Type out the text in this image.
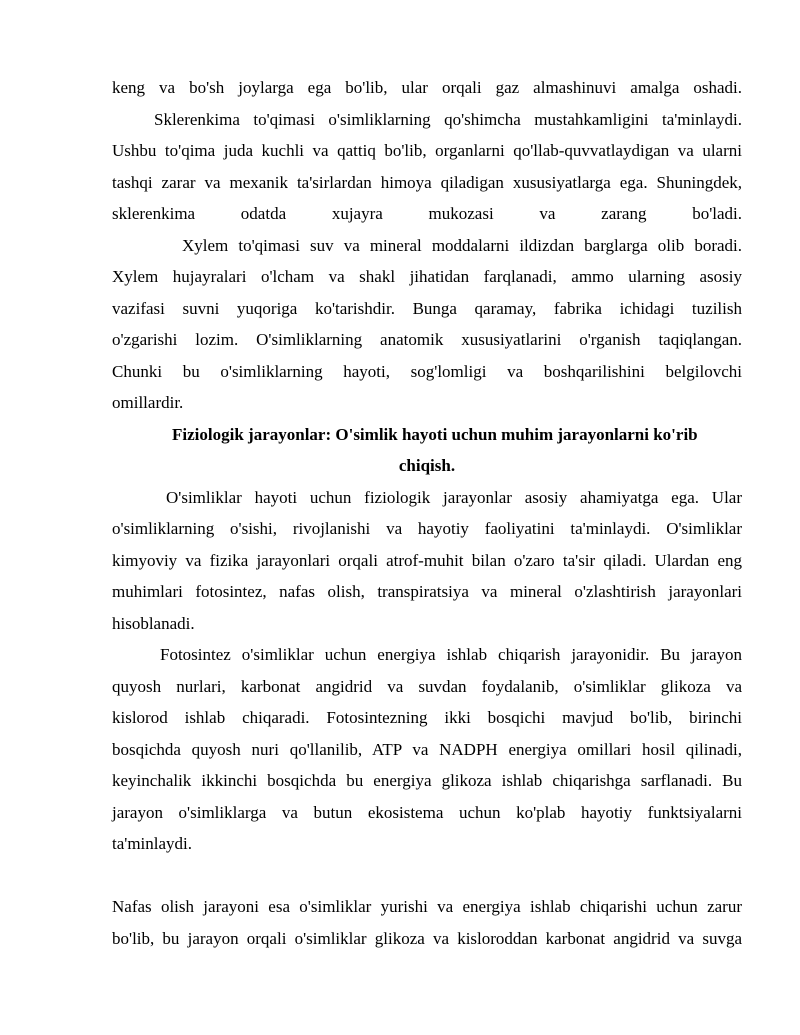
keng va bo'sh joylarga ega bo'lib, ular orqali gaz almashinuvi amalga oshadi.
Sklerenkima to'qimasi o'simliklarning qo'shimcha mustahkamligini ta'minlaydi.
Ushbu to'qima juda kuchli va qattiq bo'lib, organlarni qo'llab-quvvatlaydigan va ularni
tashqi zarar va mexanik ta'sirlardan himoya qiladigan xususiyatlarga ega. Shuningdek,
sklerenkima odatda xujayra mukozasi va zarang bo'ladi.
Xylem to'qimasi suv va mineral moddalarni ildizdan barglarga olib boradi.
Xylem hujayralari o'lcham va shakl jihatidan farqlanadi, ammo ularning asosiy
vazifasi suvni yuqoriga ko'tarishdir. Bunga qaramay, fabrika ichidagi tuzilish
o'zgarishi lozim. O'simliklarning anatomik xususiyatlarini o'rganish taqiqlangan.
Chunki bu o'simliklarning hayoti, sog'lomligi va boshqarilishini belgilovchi
omillardir.
Fiziologik jarayonlar: O'simlik hayoti uchun muhim jarayonlarni ko'rib
chiqish.
O'simliklar hayoti uchun fiziologik jarayonlar asosiy ahamiyatga ega. Ular
o'simliklarning o'sishi, rivojlanishi va hayotiy faoliyatini ta'minlaydi. O'simliklar
kimyoviy va fizika jarayonlari orqali atrof-muhit bilan o'zaro ta'sir qiladi. Ulardan eng
muhimlari fotosintez, nafas olish, transpiratsiya va mineral o'zlashtirish jarayonlari
hisoblanadi.
Fotosintez o'simliklar uchun energiya ishlab chiqarish jarayonidir. Bu jarayon
quyosh nurlari, karbonat angidrid va suvdan foydalanib, o'simliklar glikoza va
kislorod ishlab chiqaradi. Fotosintezning ikki bosqichi mavjud bo'lib, birinchi
bosqichda quyosh nuri qo'llanilib, ATP va NADPH energiya omillari hosil qilinadi,
keyinchalik ikkinchi bosqichda bu energiya glikoza ishlab chiqarishga sarflanadi. Bu
jarayon o'simliklarga va butun ekosistema uchun ko'plab hayotiy funktsiyalarni
ta'minlaydi.
Nafas olish jarayoni esa o'simliklar yurishi va energiya ishlab chiqarishi uchun zarur
bo'lib, bu jarayon orqali o'simliklar glikoza va kisloroddan karbonat angidrid va suvga
